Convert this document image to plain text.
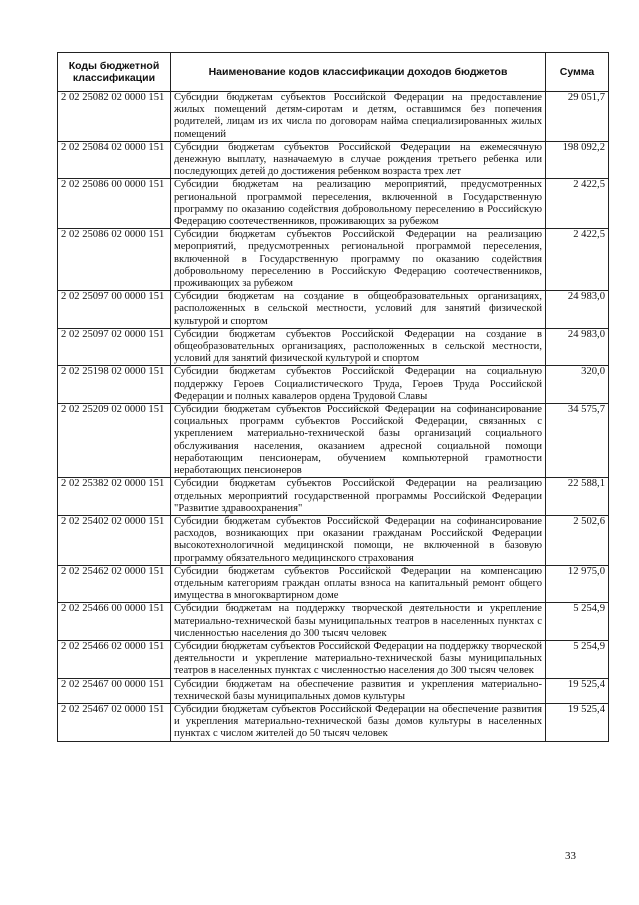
Коды бюджетной классификации	Наименование кодов классификации доходов бюджетов	Сумма
2 02 25082 02 0000 151	Субсидии бюджетам субъектов Российской Федерации на предоставление жилых помещений детям-сиротам и детям, оставшимся без попечения родителей, лицам из их числа по договорам найма специализированных жилых помещений	29 051,7
2 02 25084 02 0000 151	Субсидии бюджетам субъектов Российской Федерации на ежемесячную денежную выплату, назначаемую в случае рождения третьего ребенка или последующих детей до достижения ребенком возраста трех лет	198 092,2
2 02 25086 00 0000 151	Субсидии бюджетам на реализацию мероприятий, предусмотренных региональной программой переселения, включенной в Государственную программу по оказанию содействия добровольному переселению в Российскую Федерацию соотечественников, проживающих за рубежом	2 422,5
2 02 25086 02 0000 151	Субсидии бюджетам субъектов Российской Федерации на реализацию мероприятий, предусмотренных региональной программой переселения, включенной в Государственную программу по оказанию содействия добровольному переселению в Российскую Федерацию соотечественников, проживающих за рубежом	2 422,5
2 02 25097 00 0000 151	Субсидии бюджетам на создание в общеобразовательных организациях, расположенных в сельской местности, условий для занятий физической культурой и спортом	24 983,0
2 02 25097 02 0000 151	Субсидии бюджетам субъектов Российской Федерации на создание в общеобразовательных организациях, расположенных в сельской местности, условий для занятий физической культурой и спортом	24 983,0
2 02 25198 02 0000 151	Субсидии бюджетам субъектов Российской Федерации на социальную поддержку Героев Социалистического Труда, Героев Труда Российской Федерации и полных кавалеров ордена Трудовой Славы	320,0
2 02 25209 02 0000 151	Субсидии бюджетам субъектов Российской Федерации на софинансирование социальных программ субъектов Российской Федерации, связанных с укреплением материально-технической базы организаций социального обслуживания населения, оказанием адресной социальной помощи неработающим пенсионерам, обучением компьютерной грамотности неработающих пенсионеров	34 575,7
2 02 25382 02 0000 151	Субсидии бюджетам субъектов Российской Федерации на реализацию отдельных мероприятий государственной программы Российской Федерации "Развитие здравоохранения"	22 588,1
2 02 25402 02 0000 151	Субсидии бюджетам субъектов Российской Федерации на софинансирование расходов, возникающих при оказании гражданам Российской Федерации высокотехнологичной медицинской помощи, не включенной в базовую программу обязательного медицинского страхования	2 502,6
2 02 25462 02 0000 151	Субсидии бюджетам субъектов Российской Федерации на компенсацию отдельным категориям граждан оплаты взноса на капитальный ремонт общего имущества в многоквартирном доме	12 975,0
2 02 25466 00 0000 151	Субсидии бюджетам на поддержку творческой деятельности и укрепление материально-технической базы муниципальных театров в населенных пунктах с численностью населения до 300 тысяч человек	5 254,9
2 02 25466 02 0000 151	Субсидии бюджетам субъектов Российской Федерации на поддержку творческой деятельности и укрепление материально-технической базы муниципальных театров в населенных пунктах с численностью населения до 300 тысяч человек	5 254,9
2 02 25467 00 0000 151	Субсидии бюджетам на обеспечение развития и укрепления материально-технической базы муниципальных домов культуры	19 525,4
2 02 25467 02 0000 151	Субсидии бюджетам субъектов Российской Федерации на обеспечение развития и укрепления материально-технической базы домов культуры в населенных пунктах с числом жителей до 50 тысяч человек	19 525,4
33
